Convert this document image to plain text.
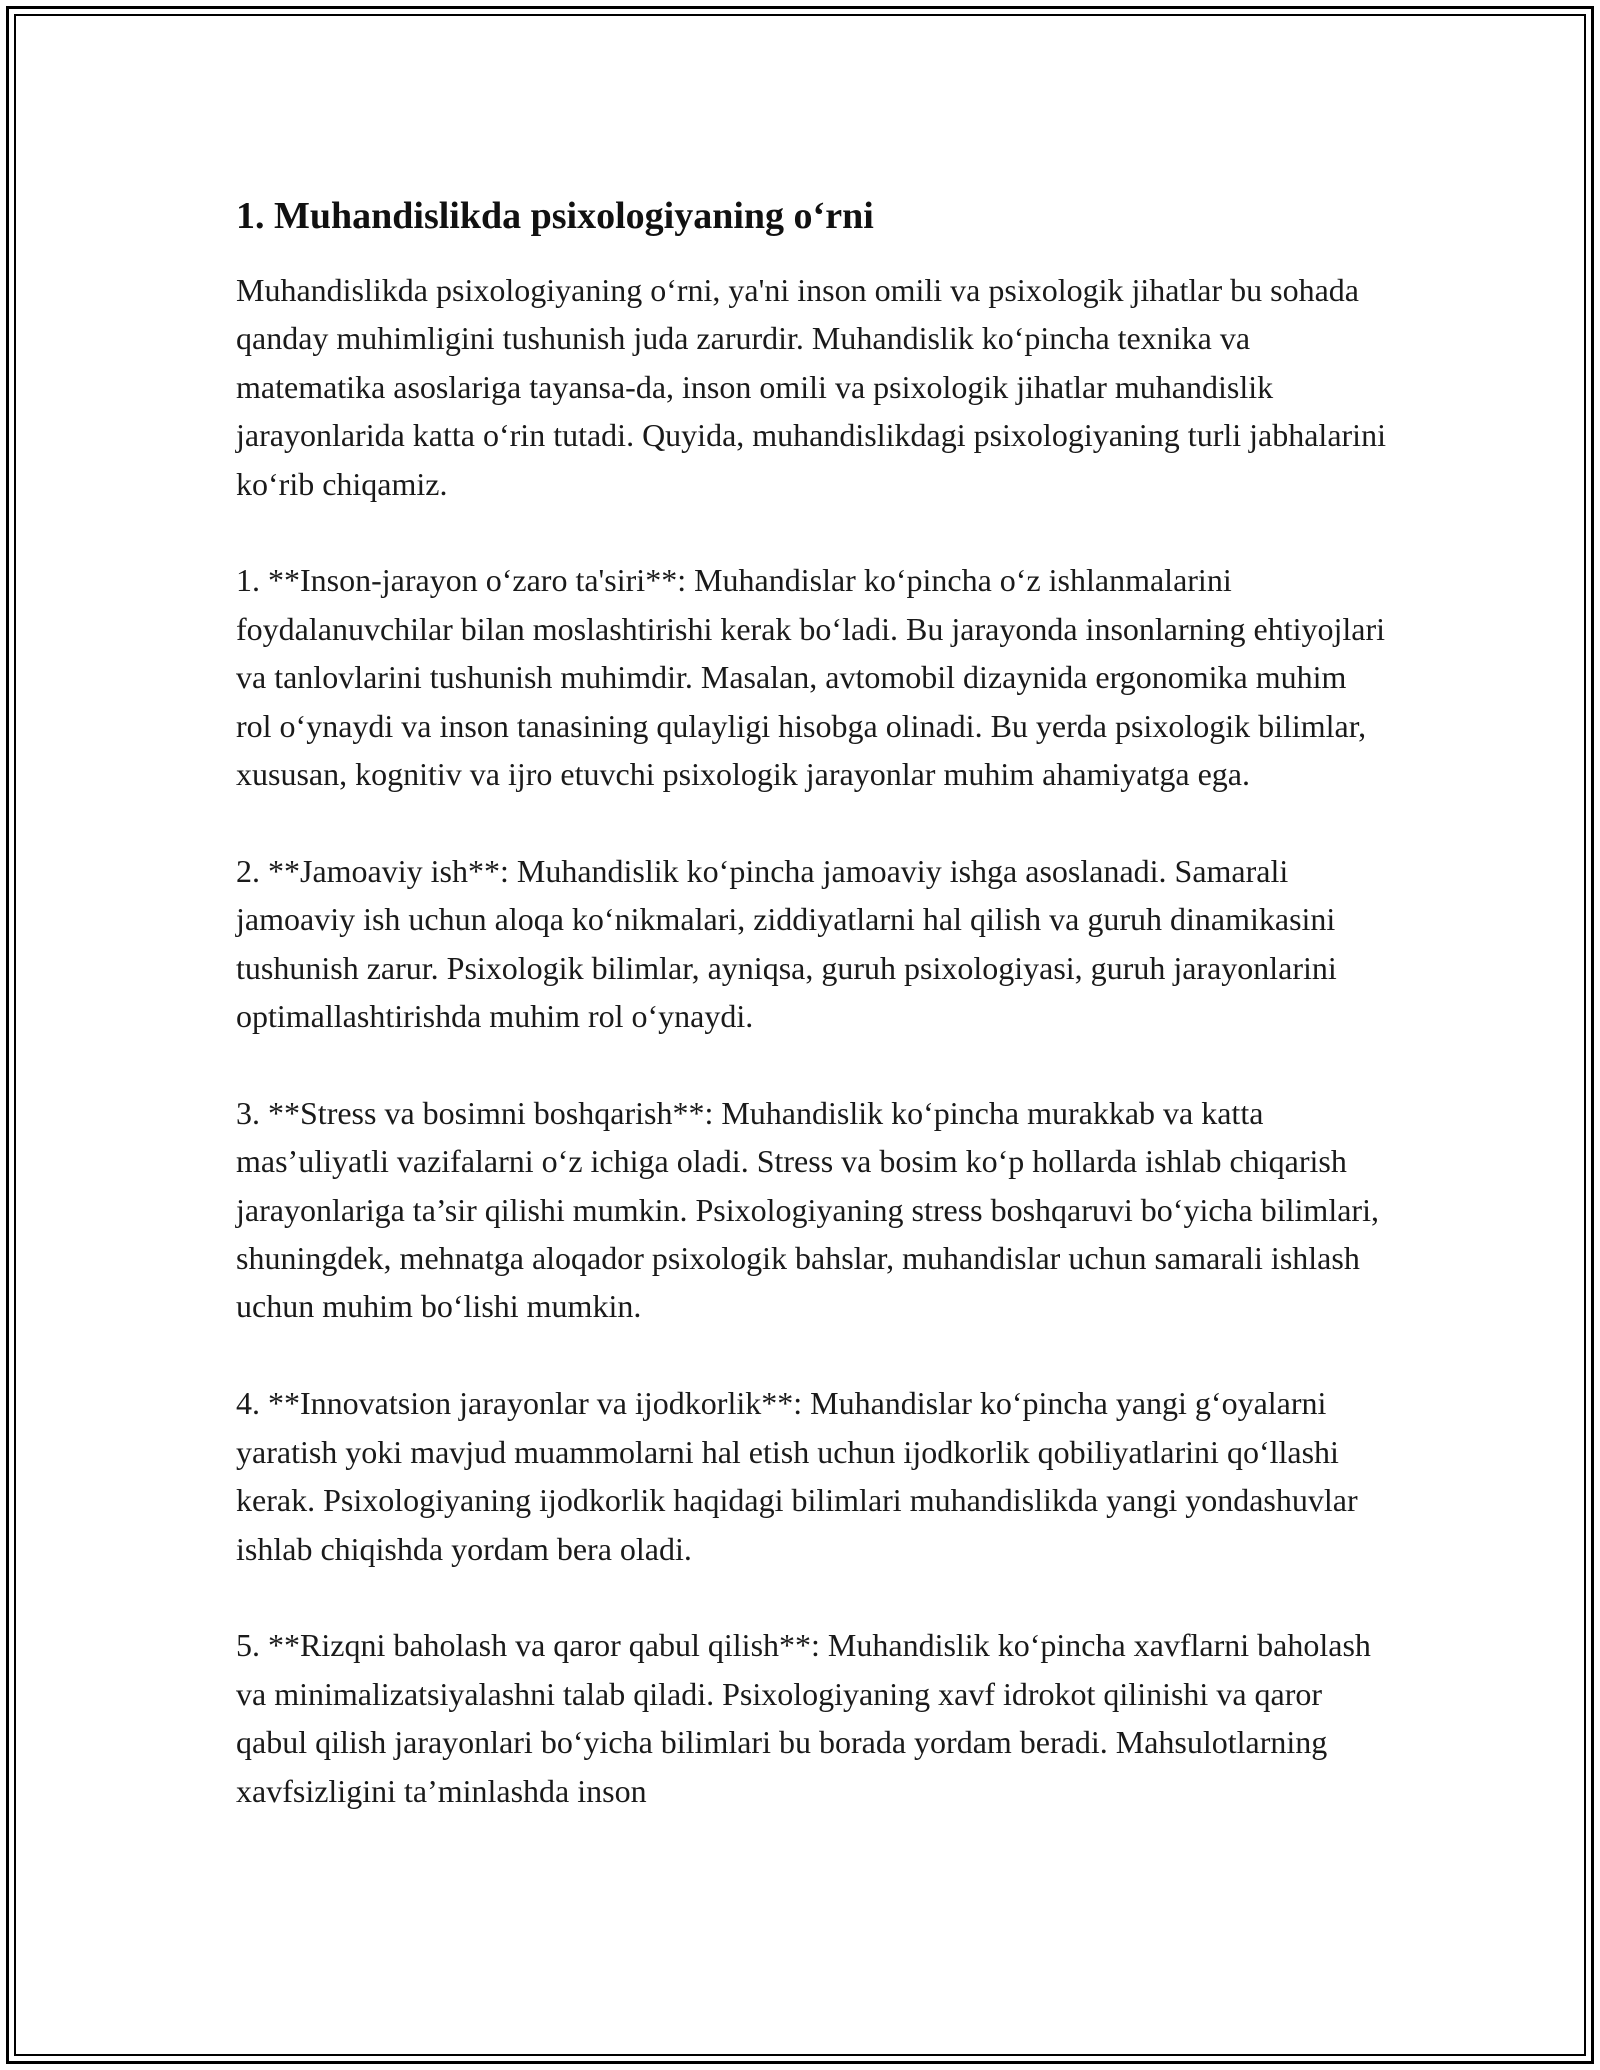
1. Muhandislikda psixologiyaning o‘rni

Muhandislikda psixologiyaning o‘rni, ya'ni inson omili va psixologik jihatlar bu sohada qanday muhimligini tushunish juda zarurdir. Muhandislik ko‘pincha texnika va matematika asoslariga tayansa-da, inson omili va psixologik jihatlar muhandislik jarayonlarida katta o‘rin tutadi. Quyida, muhandislikdagi psixologiyaning turli jabhalarini ko‘rib chiqamiz.

1. **Inson-jarayon o‘zaro ta'siri**: Muhandislar ko‘pincha o‘z ishlanmalarini foydalanuvchilar bilan moslashtirishi kerak bo‘ladi. Bu jarayonda insonlarning ehtiyojlari va tanlovlarini tushunish muhimdir. Masalan, avtomobil dizaynida ergonomika muhim rol o‘ynaydi va inson tanasining qulayligi hisobga olinadi. Bu yerda psixologik bilimlar, xususan, kognitiv va ijro etuvchi psixologik jarayonlar muhim ahamiyatga ega.

2. **Jamoaviy ish**: Muhandislik ko‘pincha jamoaviy ishga asoslanadi. Samarali jamoaviy ish uchun aloqa ko‘nikmalari, ziddiyatlarni hal qilish va guruh dinamikasini tushunish zarur. Psixologik bilimlar, ayniqsa, guruh psixologiyasi, guruh jarayonlarini optimallashtirishda muhim rol o‘ynaydi.

3. **Stress va bosimni boshqarish**: Muhandislik ko‘pincha murakkab va katta mas’uliyatli vazifalarni o‘z ichiga oladi. Stress va bosim ko‘p hollarda ishlab chiqarish jarayonlariga ta’sir qilishi mumkin. Psixologiyaning stress boshqaruvi bo‘yicha bilimlari, shuningdek, mehnatga aloqador psixologik bahslar, muhandislar uchun samarali ishlash uchun muhim bo‘lishi mumkin.

4. **Innovatsion jarayonlar va ijodkorlik**: Muhandislar ko‘pincha yangi g‘oyalarni yaratish yoki mavjud muammolarni hal etish uchun ijodkorlik qobiliyatlarini qo‘llashi kerak. Psixologiyaning ijodkorlik haqidagi bilimlari muhandislikda yangi yondashuvlar ishlab chiqishda yordam bera oladi.

5. **Rizqni baholash va qaror qabul qilish**: Muhandislik ko‘pincha xavflarni baholash va minimalizatsiyalashni talab qiladi. Psixologiyaning xavf idrokot qilinishi va qaror qabul qilish jarayonlari bo‘yicha bilimlari bu borada yordam beradi. Mahsulotlarning xavfsizligini ta’minlashda inson
